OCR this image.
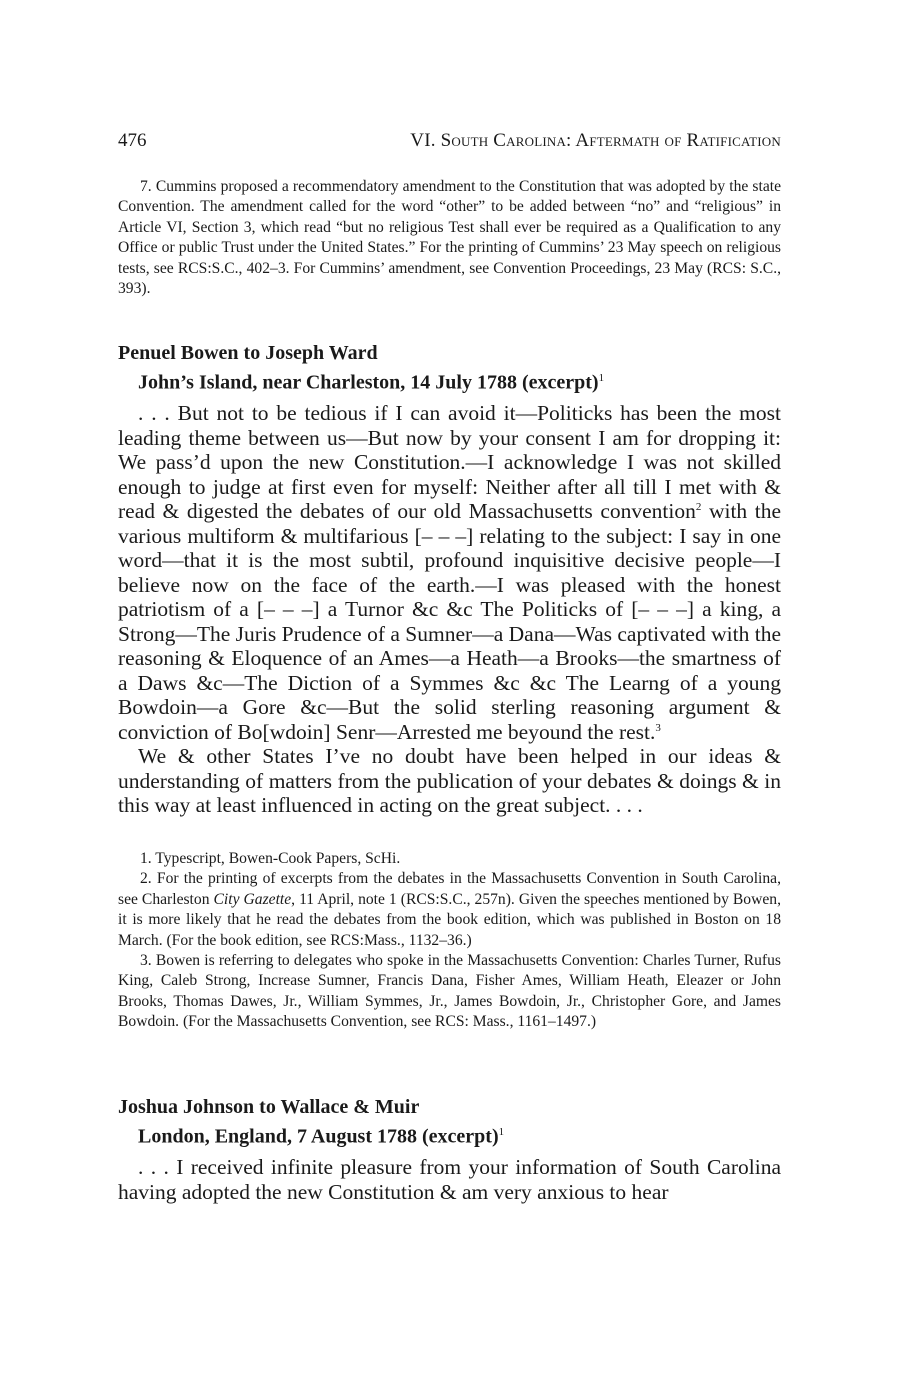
476	VI. South Carolina: Aftermath of Ratification

7. Cummins proposed a recommendatory amendment to the Constitution that was adopted by the state Convention. The amendment called for the word “other” to be added between “no” and “religious” in Article VI, Section 3, which read “but no religious Test shall ever be required as a Qualification to any Office or public Trust under the United States.” For the printing of Cummins’ 23 May speech on religious tests, see RCS:S.C., 402–3. For Cummins’ amendment, see Convention Proceedings, 23 May (RCS: S.C., 393).

Penuel Bowen to Joseph Ward
John’s Island, near Charleston, 14 July 1788 (excerpt)$^1$

. . . But not to be tedious if I can avoid it—Politicks has been the most leading theme between us—But now by your consent I am for dropping it: We pass’d upon the new Constitution.—I acknowledge I was not skilled enough to judge at first even for myself: Neither after all till I met with & read & digested the debates of our old Massachusetts convention$^2$ with the various multiform & multifarious [– – –] relating to the subject: I say in one word—that it is the most subtil, profound inquisitive decisive people—I believe now on the face of the earth.—I was pleased with the honest patriotism of a [– – –] a Turnor &c &c The Politicks of [– – –] a king, a Strong—The Juris Prudence of a Sumner—a Dana—Was captivated with the reasoning & Eloquence of an Ames—a Heath—a Brooks—the smartness of a Daws &c—The Diction of a Symmes &c &c The Learng of a young Bowdoin—a Gore &c—But the solid sterling reasoning argument & conviction of Bo[wdoin] Senr—Arrested me beyound the rest.$^3$

We & other States I’ve no doubt have been helped in our ideas & understanding of matters from the publication of your debates & doings & in this way at least influenced in acting on the great subject. . . .

1. Typescript, Bowen-Cook Papers, ScHi.

2. For the printing of excerpts from the debates in the Massachusetts Convention in South Carolina, see Charleston City Gazette, 11 April, note 1 (RCS:S.C., 257n). Given the speeches mentioned by Bowen, it is more likely that he read the debates from the book edition, which was published in Boston on 18 March. (For the book edition, see RCS:Mass., 1132–36.)

3. Bowen is referring to delegates who spoke in the Massachusetts Convention: Charles Turner, Rufus King, Caleb Strong, Increase Sumner, Francis Dana, Fisher Ames, William Heath, Eleazer or John Brooks, Thomas Dawes, Jr., William Symmes, Jr., James Bowdoin, Jr., Christopher Gore, and James Bowdoin. (For the Massachusetts Convention, see RCS: Mass., 1161–1497.)

Joshua Johnson to Wallace & Muir
London, England, 7 August 1788 (excerpt)$^1$

. . . I received infinite pleasure from your information of South Carolina having adopted the new Constitution & am very anxious to hear
